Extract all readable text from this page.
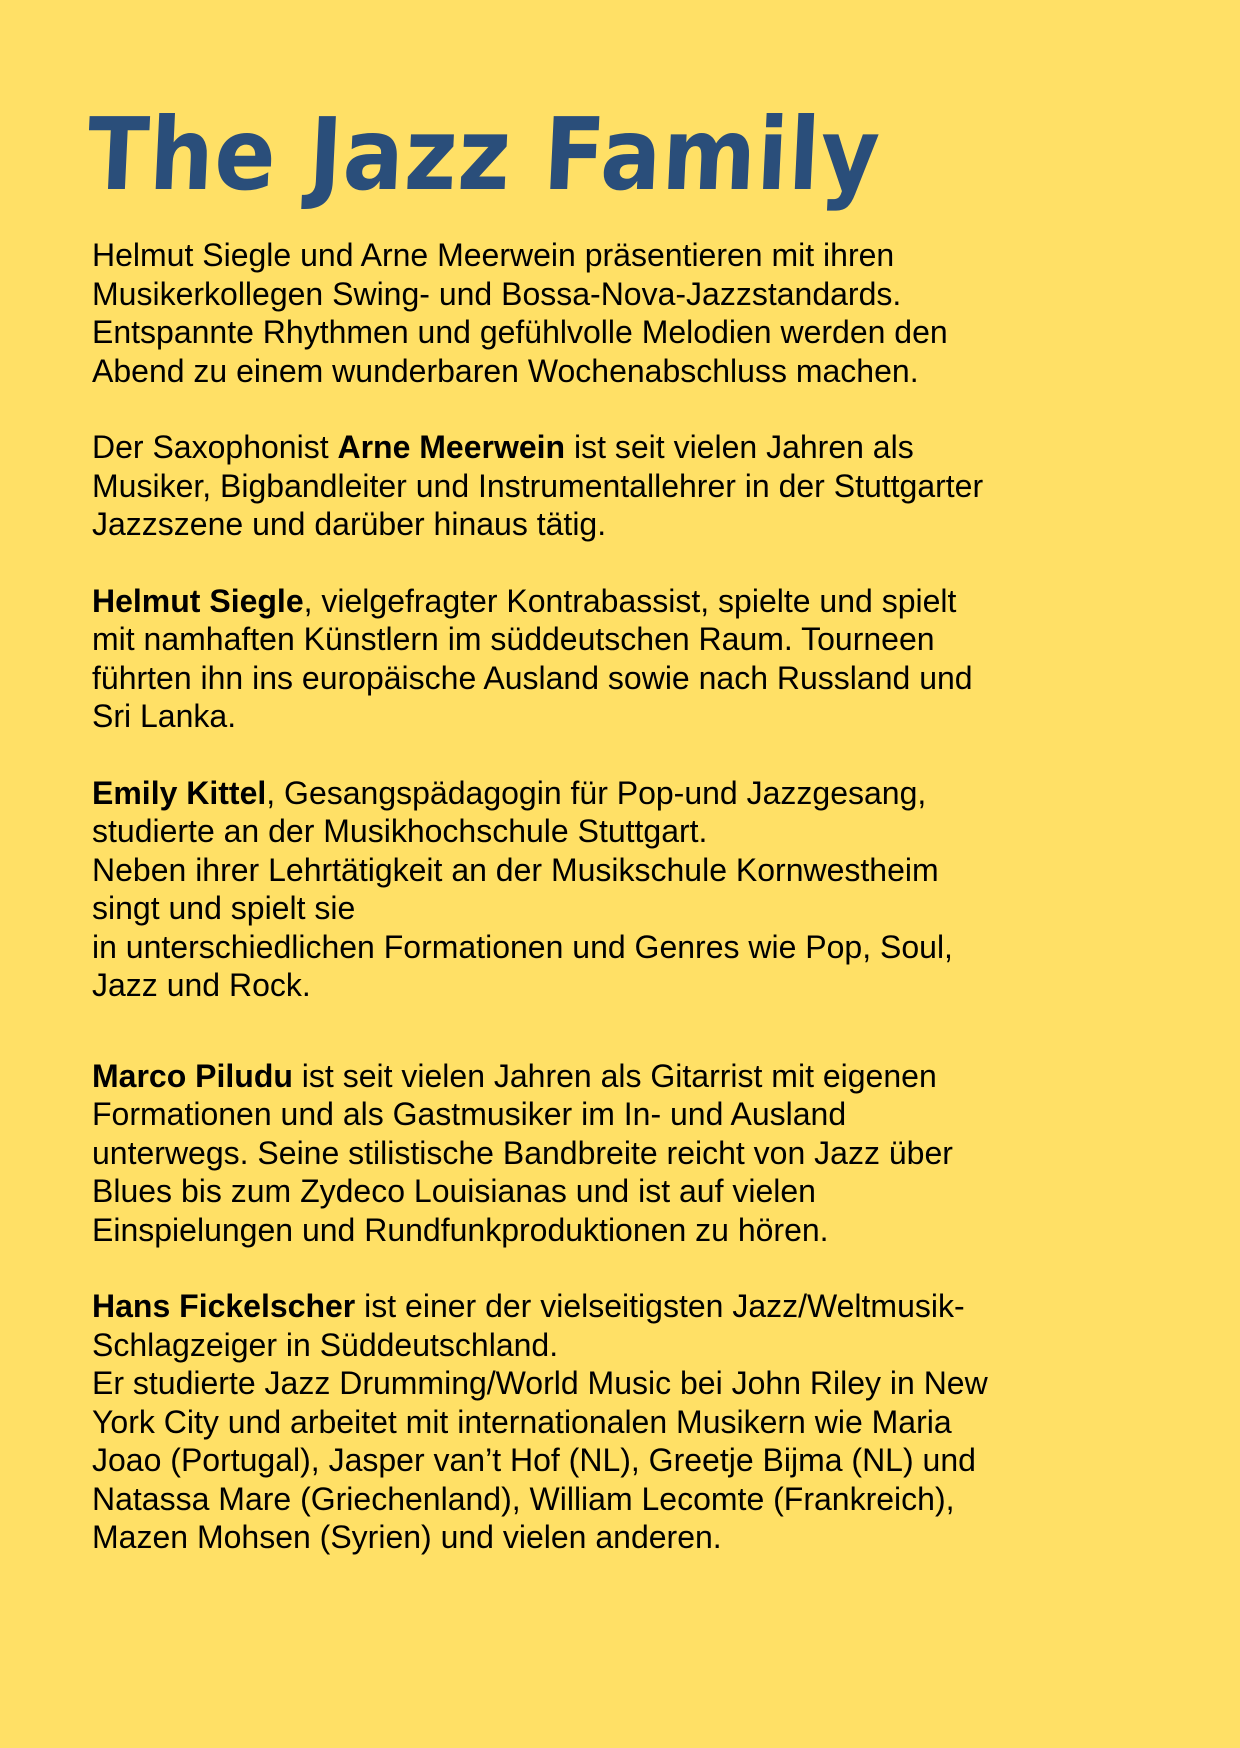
The Jazz Family

Helmut Siegle und Arne Meerwein präsentieren mit ihren
Musikerkollegen Swing- und Bossa-Nova-Jazzstandards.
Entspannte Rhythmen und gefühlvolle Melodien werden den
Abend zu einem wunderbaren Wochenabschluss machen.

Der Saxophonist Arne Meerwein ist seit vielen Jahren als
Musiker, Bigbandleiter und Instrumentallehrer in der Stuttgarter
Jazzszene und darüber hinaus tätig.

Helmut Siegle, vielgefragter Kontrabassist, spielte und spielt
mit namhaften Künstlern im süddeutschen Raum. Tourneen
führten ihn ins europäische Ausland sowie nach Russland und
Sri Lanka.

Emily Kittel, Gesangspädagogin für Pop-und Jazzgesang,
studierte an der Musikhochschule Stuttgart.
Neben ihrer Lehrtätigkeit an der Musikschule Kornwestheim
singt und spielt sie
in unterschiedlichen Formationen und Genres wie Pop, Soul,
Jazz und Rock.

Marco Piludu ist seit vielen Jahren als Gitarrist mit eigenen
Formationen und als Gastmusiker im In- und Ausland
unterwegs. Seine stilistische Bandbreite reicht von Jazz über
Blues bis zum Zydeco Louisianas und ist auf vielen
Einspielungen und Rundfunkproduktionen zu hören.

Hans Fickelscher ist einer der vielseitigsten Jazz/Weltmusik-
Schlagzeiger in Süddeutschland.
Er studierte Jazz Drumming/World Music bei John Riley in New
York City und arbeitet mit internationalen Musikern wie Maria
Joao (Portugal), Jasper van’t Hof (NL), Greetje Bijma (NL) und
Natassa Mare (Griechenland), William Lecomte (Frankreich),
Mazen Mohsen (Syrien) und vielen anderen.
